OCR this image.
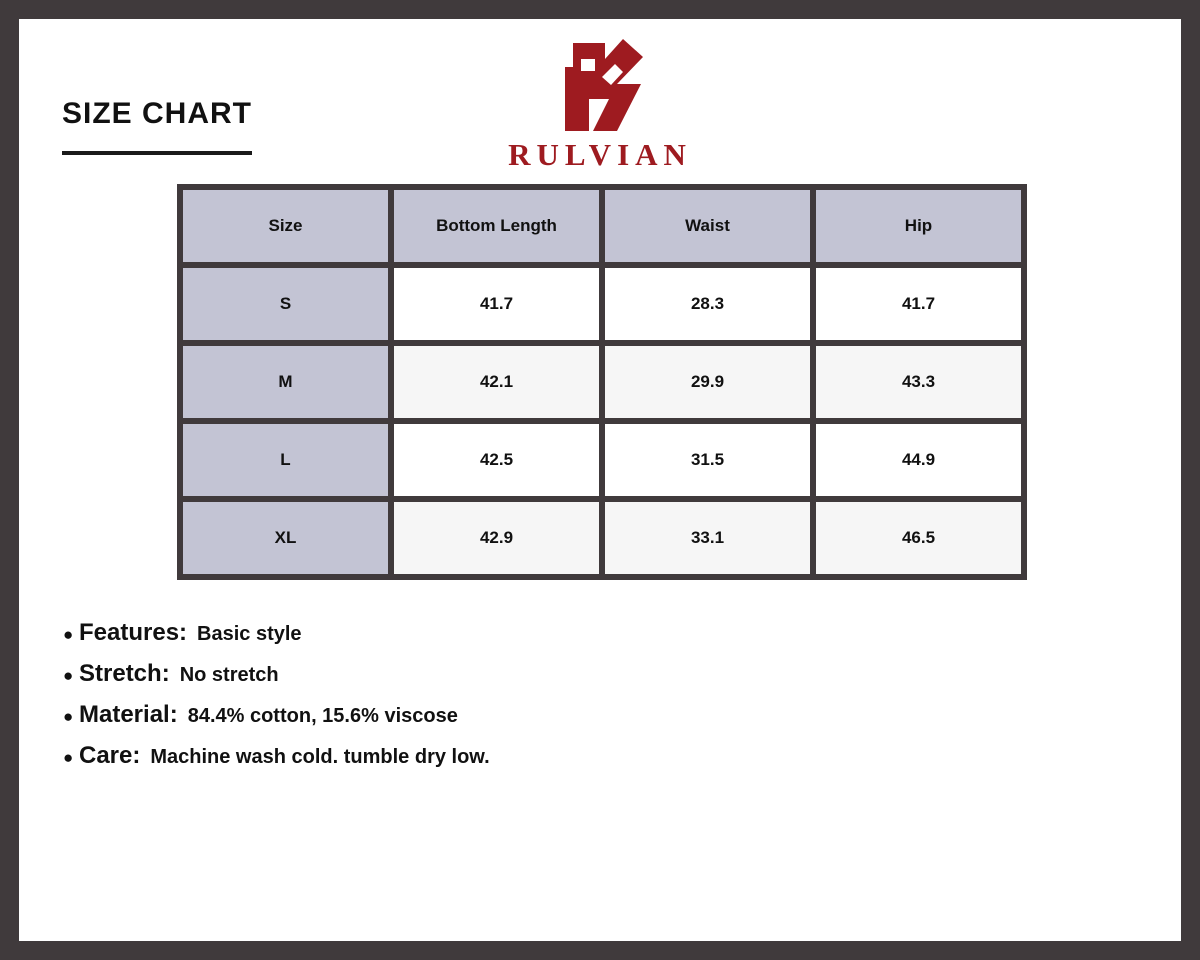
SIZE CHART
RULVIAN
Size	Bottom Length	Waist	Hip
S	41.7	28.3	41.7
M	42.1	29.9	43.3
L	42.5	31.5	44.9
XL	42.9	33.1	46.5
● Features: Basic style
● Stretch: No stretch
● Material: 84.4% cotton, 15.6% viscose
● Care: Machine wash cold. tumble dry low.
